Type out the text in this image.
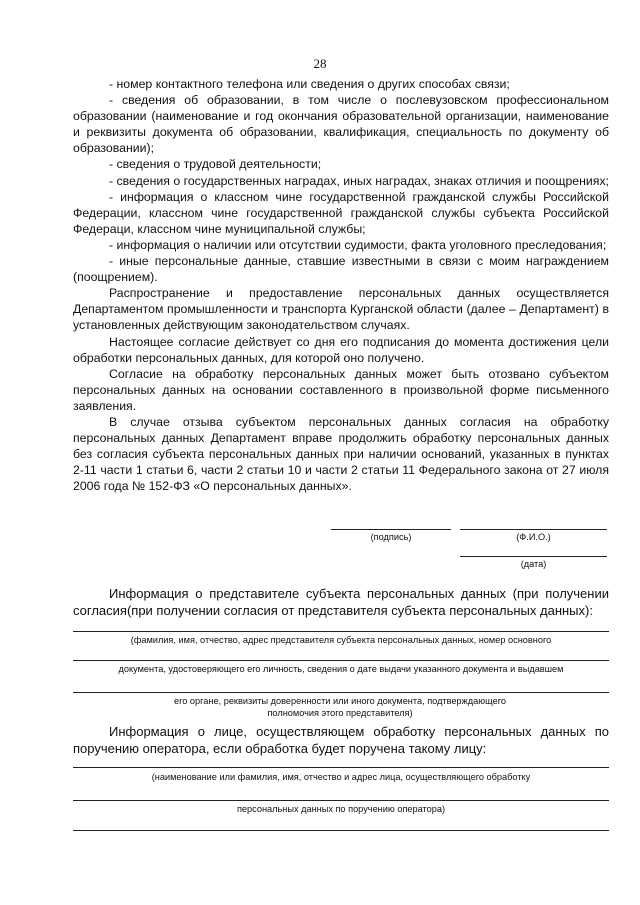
28

- номер контактного телефона или сведения о других способах связи;

- сведения об образовании, в том числе о послевузовском профессиональном образовании (наименование и год окончания образовательной организации, наименование и реквизиты документа об образовании, квалификация, специальность по документу об образовании);

- сведения о трудовой деятельности;

- сведения о государственных наградах, иных наградах, знаках отличия и поощрениях;

- информация о классном чине государственной гражданской службы Российской Федерации, классном чине государственной гражданской службы субъекта Российской Федераци, классном чине муниципальной службы;

- информация о наличии или отсутствии судимости, факта уголовного преследования;

- иные персональные данные, ставшие известными в связи с моим награждением (поощрением).

Распространение и предоставление персональных данных осуществляется Департаментом промышленности и транспорта Курганской области (далее – Департамент) в установленных действующим законодательством случаях.

Настоящее согласие действует со дня его подписания до момента достижения цели обработки персональных данных, для которой оно получено.

Согласие на обработку персональных данных может быть отозвано субъектом персональных данных на основании составленного в произвольной форме письменного заявления.

В случае отзыва субъектом персональных данных согласия на обработку персональных данных Департамент вправе продолжить обработку персональных данных без согласия субъекта персональных данных при наличии оснований, указанных в пунктах 2-11 части 1 статьи 6, части 2 статьи 10 и части 2 статьи 11 Федерального закона от 27 июля 2006 года № 152-ФЗ «О персональных данных».

(подпись)	(Ф.И.О.)
(дата)

Информация о представителе субъекта персональных данных (при получении согласия(при получении согласия от представителя субъекта персональных данных):

(фамилия, имя, отчество, адрес представителя субъекта персональных данных, номер основного
документа, удостоверяющего его личность, сведения о дате выдачи указанного документа и выдавшем
его органе, реквизиты доверенности или иного документа, подтверждающего полномочия этого представителя)

Информация о лице, осуществляющем обработку персональных данных по поручению оператора, если обработка будет поручена такому лицу:

(наименование или фамилия, имя, отчество и адрес лица, осуществляющего обработку
персональных данных по поручению оператора)
